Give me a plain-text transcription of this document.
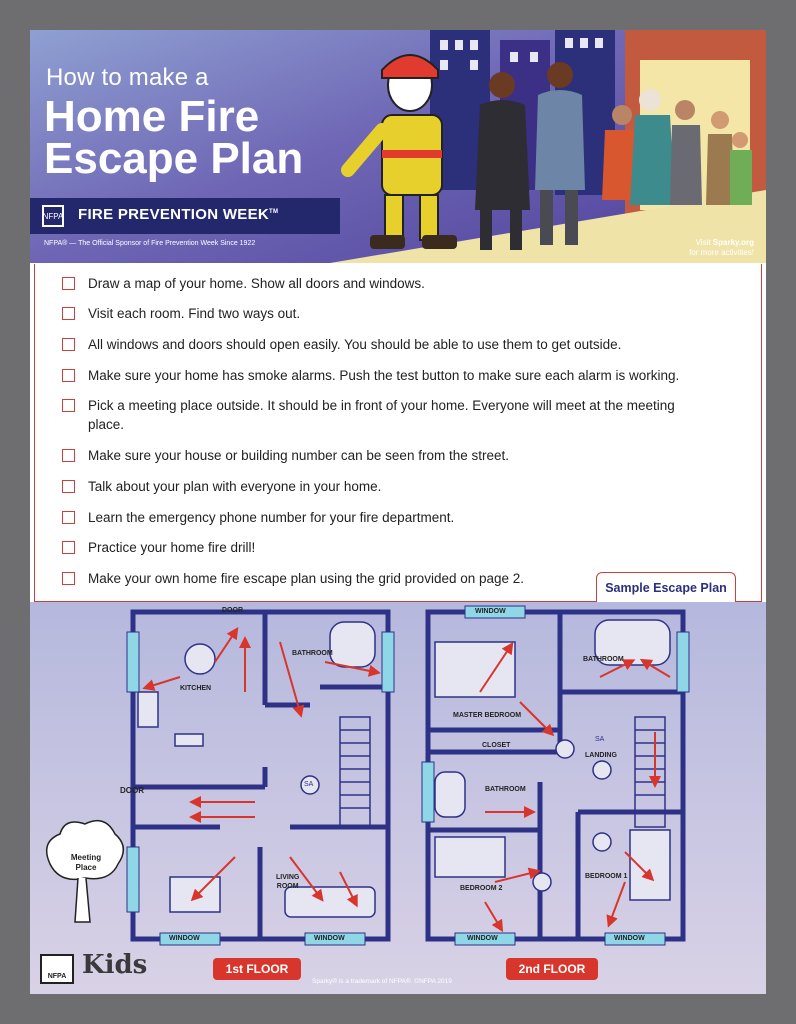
How to make a
Home Fire
Escape Plan
NFPA FIRE PREVENTION WEEK™
NFPA® — The Official Sponsor of Fire Prevention Week Since 1922	Visit Sparky.org
for more activities!
Draw a map of your home. Show all doors and windows.
Visit each room. Find two ways out.
All windows and doors should open easily. You should be able to use them to get outside.
Make sure your home has smoke alarms. Push the test button to make sure each alarm is working.
Pick a meeting place outside. It should be in front of your home. Everyone will meet at the meeting place.
Make sure your house or building number can be seen from the street.
Talk about your plan with everyone in your home.
Learn the emergency phone number for your fire department.
Practice your home fire drill!
Make your own home fire escape plan using the grid provided on page 2.
Sample Escape Plan
DOOR
DOOR
KITCHEN
BATHROOM
LIVING
ROOM
SA
WINDOW	WINDOW
WINDOW
MASTER BEDROOM
CLOSET
BATHROOM
BATHROOM
LANDING
BEDROOM 1
BEDROOM 2
SA
WINDOW	WINDOW
Meeting
Place
1st FLOOR	2nd FLOOR
NFPA Kids
Sparky® is a trademark of NFPA®. ©NFPA 2019
